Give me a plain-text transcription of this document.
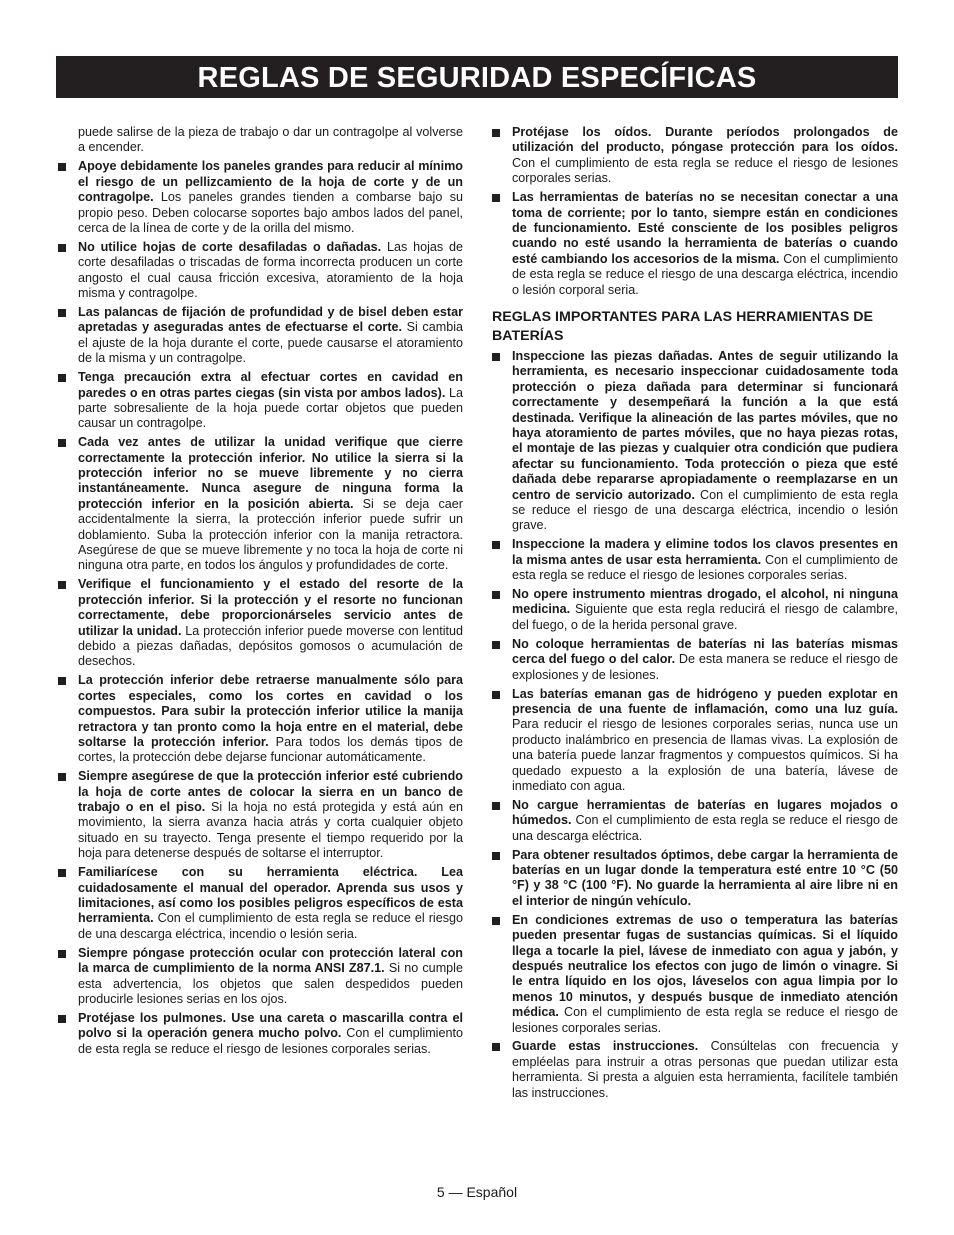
REGLAS DE SEGURIDAD ESPECÍFICAS
puede salirse de la pieza de trabajo o dar un contragolpe al volverse a encender.
Apoye debidamente los paneles grandes para reducir al mínimo el riesgo de un pellizcamiento de la hoja de corte y de un contragolpe. Los paneles grandes tienden a combarse bajo su propio peso. Deben colocarse soportes bajo ambos lados del panel, cerca de la línea de corte y de la orilla del mismo.
No utilice hojas de corte desafiladas o dañadas. Las hojas de corte desafiladas o triscadas de forma incorrecta producen un corte angosto el cual causa fricción excesiva, atoramiento de la hoja misma y contragolpe.
Las palancas de fijación de profundidad y de bisel deben estar apretadas y aseguradas antes de efectuarse el corte. Si cambia el ajuste de la hoja durante el corte, puede causarse el atoramiento de la misma y un contragolpe.
Tenga precaución extra al efectuar cortes en cavidad en paredes o en otras partes ciegas (sin vista por ambos lados). La parte sobresaliente de la hoja puede cortar objetos que pueden causar un contragolpe.
Cada vez antes de utilizar la unidad verifique que cierre correctamente la protección inferior. No utilice la sierra si la protección inferior no se mueve libremente y no cierra instantáneamente. Nunca asegure de ninguna forma la protección inferior en la posición abierta. Si se deja caer accidentalmente la sierra, la protección inferior puede sufrir un doblamiento. Suba la protección inferior con la manija retractora. Asegúrese de que se mueve libremente y no toca la hoja de corte ni ninguna otra parte, en todos los ángulos y profundidades de corte.
Verifique el funcionamiento y el estado del resorte de la protección inferior. Si la protección y el resorte no funcionan correctamente, debe proporcionárseles servicio antes de utilizar la unidad. La protección inferior puede moverse con lentitud debido a piezas dañadas, depósitos gomosos o acumulación de desechos.
La protección inferior debe retraerse manualmente sólo para cortes especiales, como los cortes en cavidad o los compuestos. Para subir la protección inferior utilice la manija retractora y tan pronto como la hoja entre en el material, debe soltarse la protección inferior. Para todos los demás tipos de cortes, la protección debe dejarse funcionar automáticamente.
Siempre asegúrese de que la protección inferior esté cubriendo la hoja de corte antes de colocar la sierra en un banco de trabajo o en el piso. Si la hoja no está protegida y está aún en movimiento, la sierra avanza hacia atrás y corta cualquier objeto situado en su trayecto. Tenga presente el tiempo requerido por la hoja para detenerse después de soltarse el interruptor.
Familiarícese con su herramienta eléctrica. Lea cuidadosamente el manual del operador. Aprenda sus usos y limitaciones, así como los posibles peligros específicos de esta herramienta. Con el cumplimiento de esta regla se reduce el riesgo de una descarga eléctrica, incendio o lesión seria.
Siempre póngase protección ocular con protección lateral con la marca de cumplimiento de la norma ANSI Z87.1. Si no cumple esta advertencia, los objetos que salen despedidos pueden producirle lesiones serias en los ojos.
Protéjase los pulmones. Use una careta o mascarilla contra el polvo si la operación genera mucho polvo. Con el cumplimiento de esta regla se reduce el riesgo de lesiones corporales serias.
Protéjase los oídos. Durante períodos prolongados de utilización del producto, póngase protección para los oídos. Con el cumplimiento de esta regla se reduce el riesgo de lesiones corporales serias.
Las herramientas de baterías no se necesitan conectar a una toma de corriente; por lo tanto, siempre están en condiciones de funcionamiento. Esté consciente de los posibles peligros cuando no esté usando la herramienta de baterías o cuando esté cambiando los accesorios de la misma. Con el cumplimiento de esta regla se reduce el riesgo de una descarga eléctrica, incendio o lesión corporal seria.
REGLAS IMPORTANTES PARA LAS HERRAMIENTAS DE BATERÍAS
Inspeccione las piezas dañadas. Antes de seguir utilizando la herramienta, es necesario inspeccionar cuidadosamente toda protección o pieza dañada para determinar si funcionará correctamente y desempeñará la función a la que está destinada. Verifique la alineación de las partes móviles, que no haya atoramiento de partes móviles, que no haya piezas rotas, el montaje de las piezas y cualquier otra condición que pudiera afectar su funcionamiento. Toda protección o pieza que esté dañada debe repararse apropiadamente o reemplazarse en un centro de servicio autorizado. Con el cumplimiento de esta regla se reduce el riesgo de una descarga eléctrica, incendio o lesión grave.
Inspeccione la madera y elimine todos los clavos presentes en la misma antes de usar esta herramienta. Con el cumplimiento de esta regla se reduce el riesgo de lesiones corporales serias.
No opere instrumento mientras drogado, el alcohol, ni ninguna medicina. Siguiente que esta regla reducirá el riesgo de calambre, del fuego, o de la herida personal grave.
No coloque herramientas de baterías ni las baterías mismas cerca del fuego o del calor. De esta manera se reduce el riesgo de explosiones y de lesiones.
Las baterías emanan gas de hidrógeno y pueden explotar en presencia de una fuente de inflamación, como una luz guía. Para reducir el riesgo de lesiones corporales serias, nunca use un producto inalámbrico en presencia de llamas vivas. La explosión de una batería puede lanzar fragmentos y compuestos químicos. Si ha quedado expuesto a la explosión de una batería, lávese de inmediato con agua.
No cargue herramientas de baterías en lugares mojados o húmedos. Con el cumplimiento de esta regla se reduce el riesgo de una descarga eléctrica.
Para obtener resultados óptimos, debe cargar la herramienta de baterías en un lugar donde la temperatura esté entre 10 °C (50 °F) y 38 °C (100 °F). No guarde la herramienta al aire libre ni en el interior de ningún vehículo.
En condiciones extremas de uso o temperatura las baterías pueden presentar fugas de sustancias químicas. Si el líquido llega a tocarle la piel, lávese de inmediato con agua y jabón, y después neutralice los efectos con jugo de limón o vinagre. Si le entra líquido en los ojos, láveselos con agua limpia por lo menos 10 minutos, y después busque de inmediato atención médica. Con el cumplimiento de esta regla se reduce el riesgo de lesiones corporales serias.
Guarde estas instrucciones. Consúltelas con frecuencia y empléelas para instruir a otras personas que puedan utilizar esta herramienta. Si presta a alguien esta herramienta, facilítele también las instrucciones.
5 — Español
